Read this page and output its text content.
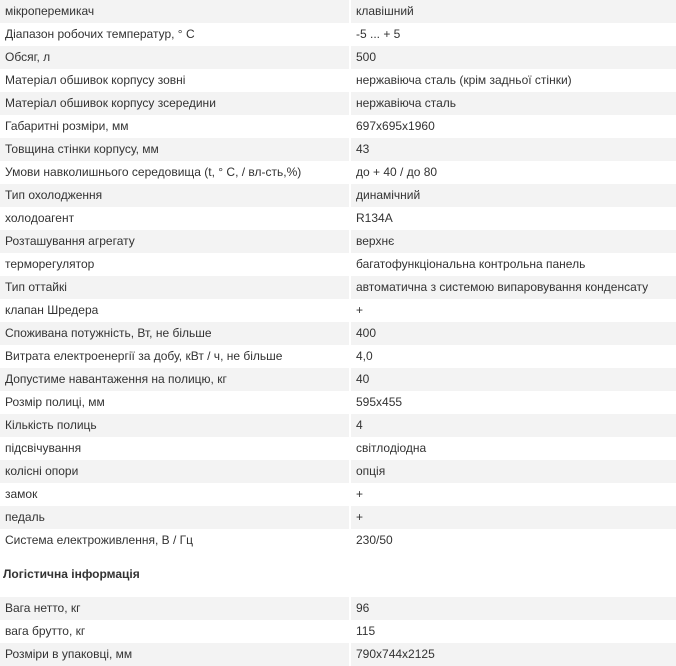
мікроперемикач	клавішний
Діапазон робочих температур, ° С	-5 ... + 5
Обсяг, л	500
Матеріал обшивок корпусу зовні	нержавіюча сталь (крім задньої стінки)
Матеріал обшивок корпусу зсередини	нержавіюча сталь
Габаритні розміри, мм	697x695x1960
Товщина стінки корпусу, мм	43
Умови навколишнього середовища (t, ° C, / вл-сть,%)	до + 40 / до 80
Тип охолодження	динамічний
холодоагент	R134A
Розташування агрегату	верхнє
терморегулятор	багатофункціональна контрольна панель
Тип оттайкі	автоматична з системою випаровування конденсату
клапан Шредера	+
Споживана потужність, Вт, не більше	400
Витрата електроенергії за добу, кВт / ч, не більше	4,0
Допустиме навантаження на полицю, кг	40
Розмір полиці, мм	595x455
Кількість полиць	4
підсвічування	світлодіодна
колісні опори	опція
замок	+
педаль	+
Система електроживлення, В / Гц	230/50
Логістична інформація
Вага нетто, кг	96
вага брутто, кг	115
Розміри в упаковці, мм	790x744x2125
